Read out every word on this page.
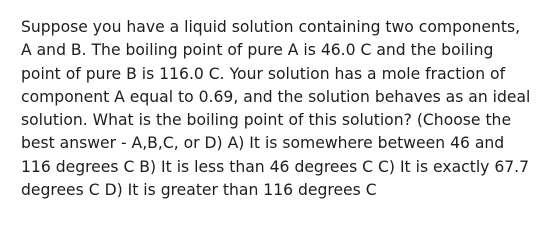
Suppose you have a liquid solution containing two components,
A and B. The boiling point of pure A is 46.0 C and the boiling
point of pure B is 116.0 C. Your solution has a mole fraction of
component A equal to 0.69, and the solution behaves as an ideal
solution. What is the boiling point of this solution? (Choose the
best answer - A,B,C, or D) A) It is somewhere between 46 and
116 degrees C B) It is less than 46 degrees C C) It is exactly 67.7
degrees C D) It is greater than 116 degrees C
